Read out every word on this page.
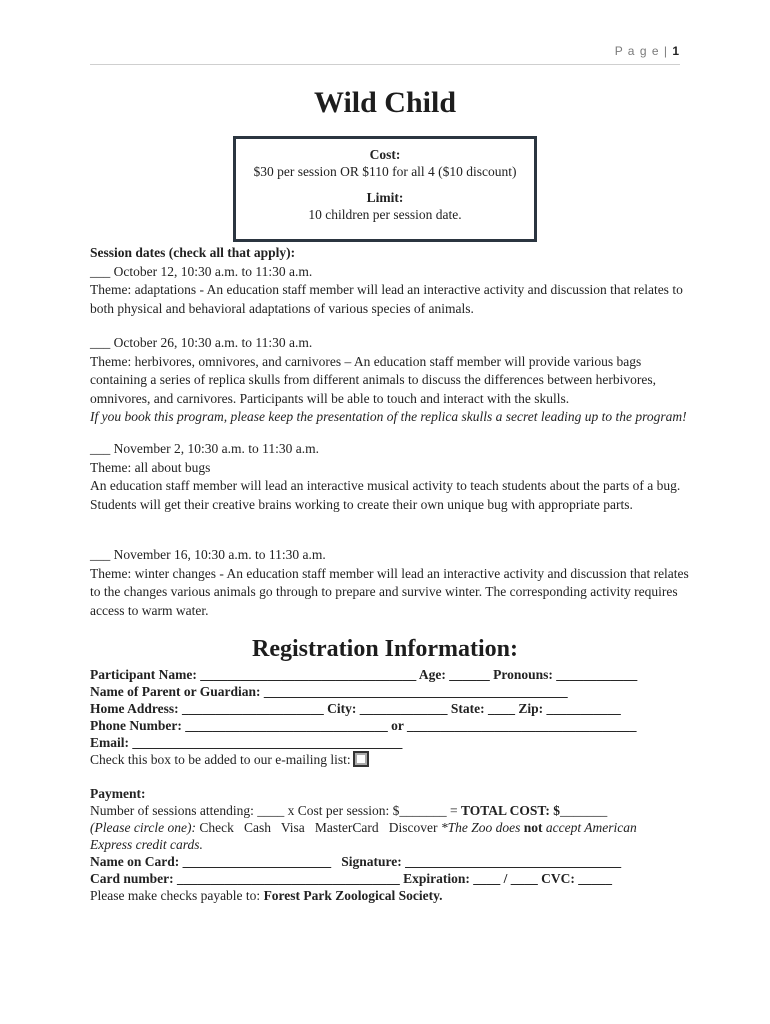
P a g e | 1
Wild Child
Cost:
$30 per session OR $110 for all 4 ($10 discount)
Limit:
10 children per session date.

Session dates (check all that apply):

___ October 12, 10:30 a.m. to 11:30 a.m.

Theme: adaptations - An education staff member will lead an interactive activity and discussion that relates to both physical and behavioral adaptations of various species of animals.

___ October 26, 10:30 a.m. to 11:30 a.m.

Theme: herbivores, omnivores, and carnivores – An education staff member will provide various bags containing a series of replica skulls from different animals to discuss the differences between herbivores, omnivores, and carnivores. Participants will be able to touch and interact with the skulls.

If you book this program, please keep the presentation of the replica skulls a secret leading up to the program!

___ November 2, 10:30 a.m. to 11:30 a.m.

Theme: all about bugs

An education staff member will lead an interactive musical activity to teach students about the parts of a bug. Students will get their creative brains working to create their own unique bug with appropriate parts.

___ November 16, 10:30 a.m. to 11:30 a.m.

Theme: winter changes - An education staff member will lead an interactive activity and discussion that relates to the changes various animals go through to prepare and survive winter. The corresponding activity requires access to warm water.

Registration Information:
Participant Name: ________________________________ Age: ______ Pronouns: ____________
Name of Parent or Guardian: _____________________________________________
Home Address: _____________________ City: _____________ State: ____ Zip: ___________
Phone Number: ______________________________ or __________________________________
Email: ________________________________________
Check this box to be added to our e-mailing list:
Payment:
Number of sessions attending: ____ x Cost per session: $_______ = TOTAL COST: $_______
(Please circle one): Check   Cash   Visa   MasterCard   Discover *The Zoo does not accept American
Express credit cards.
Name on Card: ______________________ Signature: ________________________________
Card number: _________________________________ Expiration: ____ / ____ CVC: _____
Please make checks payable to: Forest Park Zoological Society.
